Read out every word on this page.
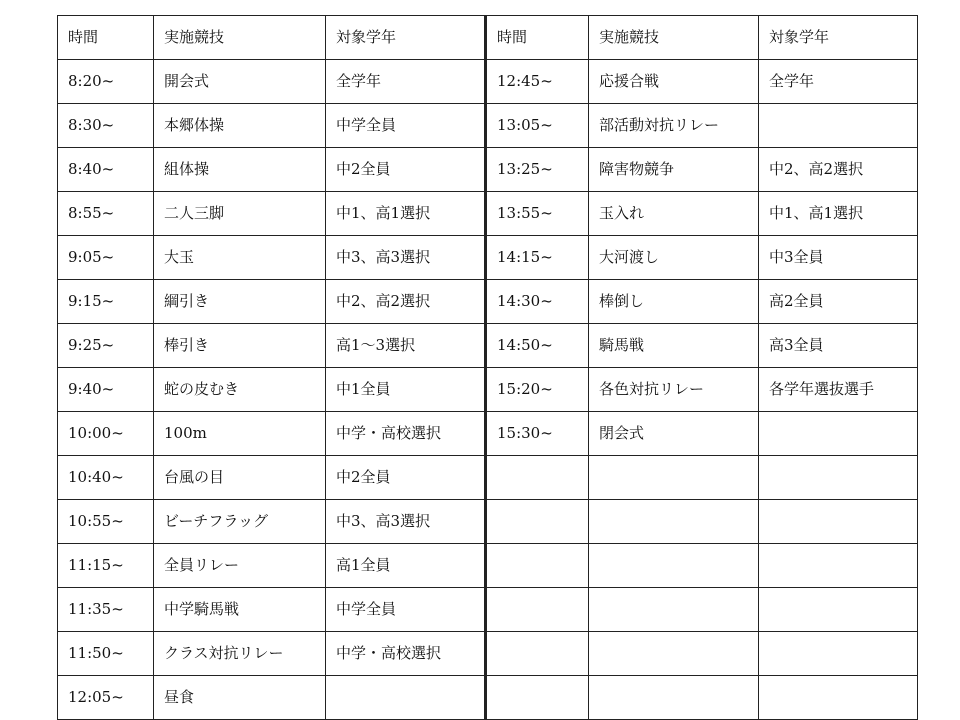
時間	実施競技	対象学年	時間	実施競技	対象学年
8:20~	開会式	全学年	12:45~	応援合戦	全学年
8:30~	本郷体操	中学全員	13:05~	部活動対抗リレー	
8:40~	組体操	中2全員	13:25~	障害物競争	中2、高2選択
8:55~	二人三脚	中1、高1選択	13:55~	玉入れ	中1、高1選択
9:05~	大玉	中3、高3選択	14:15~	大河渡し	中3全員
9:15~	綱引き	中2、高2選択	14:30~	棒倒し	高2全員
9:25~	棒引き	高1～3選択	14:50~	騎馬戦	高3全員
9:40~	蛇の皮むき	中1全員	15:20~	各色対抗リレー	各学年選抜選手
10:00~	100m	中学・高校選択	15:30~	閉会式	
10:40~	台風の目	中2全員			
10:55~	ビーチフラッグ	中3、高3選択			
11:15~	全員リレー	高1全員			
11:35~	中学騎馬戦	中学全員			
11:50~	クラス対抗リレー	中学・高校選択			
12:05~	昼食				
